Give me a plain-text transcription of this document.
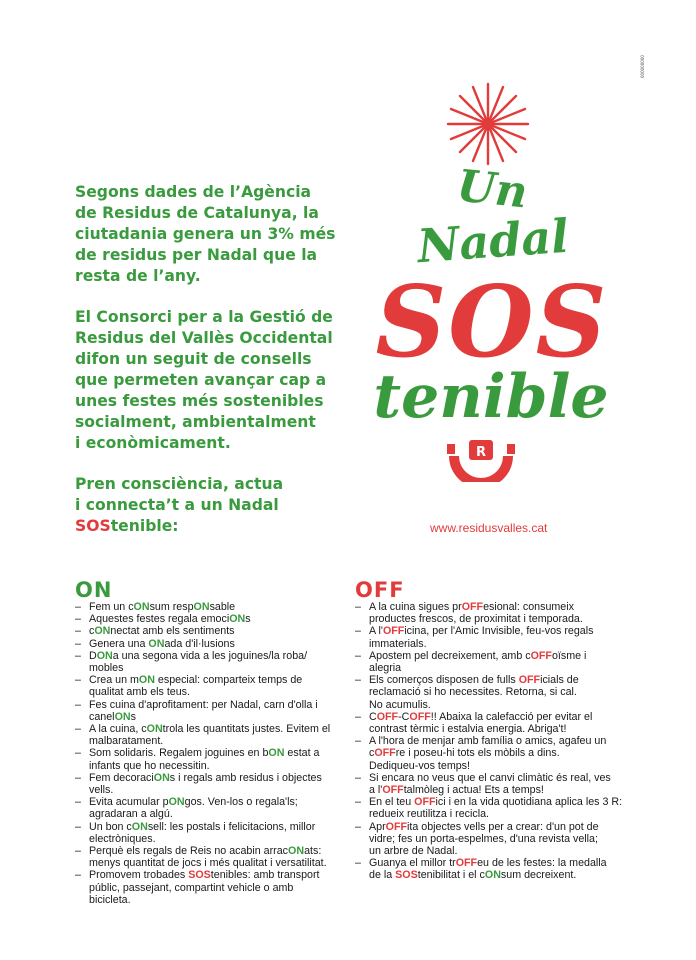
000000000

Segons dades de l’Agència
de Residus de Catalunya, la
ciutadania genera un 3% més
de residus per Nadal que la
resta de l’any.

El Consorci per a la Gestió de
Residus del Vallès Occidental
difon un seguit de consells
que permeten avançar cap a
unes festes més sostenibles
socialment, ambientalment
i econòmicament.

Pren consciència, actua
i connecta’t a un Nadal
SOStenible:

Un
Nadal
SOS
tenible
R
www.residusvalles.cat
ON
– Fem un cONsum respONsable
– Aquestes festes regala emociONs
– cONnectat amb els sentiments
– Genera una ONada d'il·lusions
– DONa una segona vida a les joguines/la roba/
mobles
– Crea un mON especial: comparteix temps de
qualitat amb els teus.
– Fes cuina d'aprofitament: per Nadal, carn d'olla i
canelONs
– A la cuina, cONtrola les quantitats justes. Evitem el
malbaratament.
– Som solidaris. Regalem joguines en bON estat a
infants que ho necessitin.
– Fem decoraciONs i regals amb residus i objectes vells.
– Evita acumular pONgos. Ven-los o regala'ls;
agradaran a algú.
– Un bon cONsell: les postals i felicitacions, millor
electròniques.
– Perquè els regals de Reis no acabin arracONats:
menys quantitat de jocs i més qualitat i versatilitat.
– Promovem trobades SOStenibles: amb transport
públic, passejant, compartint vehicle o amb
bicicleta.
OFF
– A la cuina sigues prOFFesional: consumeix
productes frescos, de proximitat i temporada.
– A l'OFFicina, per l'Amic Invisible, feu-vos regals
immaterials.
– Apostem pel decreixement, amb cOFFoïsme i
alegria
– Els comerços disposen de fulls OFFicials de
reclamació si ho necessites. Retorna, si cal.
No acumulis.
– COFF-COFF!! Abaixa la calefacció per evitar el
contrast tèrmic i estalvia energia. Abriga't!
– A l'hora de menjar amb família o amics, agafeu un
cOFFre i poseu-hi tots els mòbils a dins.
Dediqueu-vos temps!
– Si encara no veus que el canvi climàtic és real, ves
a l'OFFtalmòleg i actua! Ets a temps!
– En el teu OFFici i en la vida quotidiana aplica les 3 R:
redueix reutilitza i recicla.
– AprOFFita objectes vells per a crear: d'un pot de
vidre; fes un porta-espelmes, d'una revista vella;
un arbre de Nadal.
– Guanya el millor trOFFeu de les festes: la medalla
de la SOStenibilitat i el cONsum decreixent.
